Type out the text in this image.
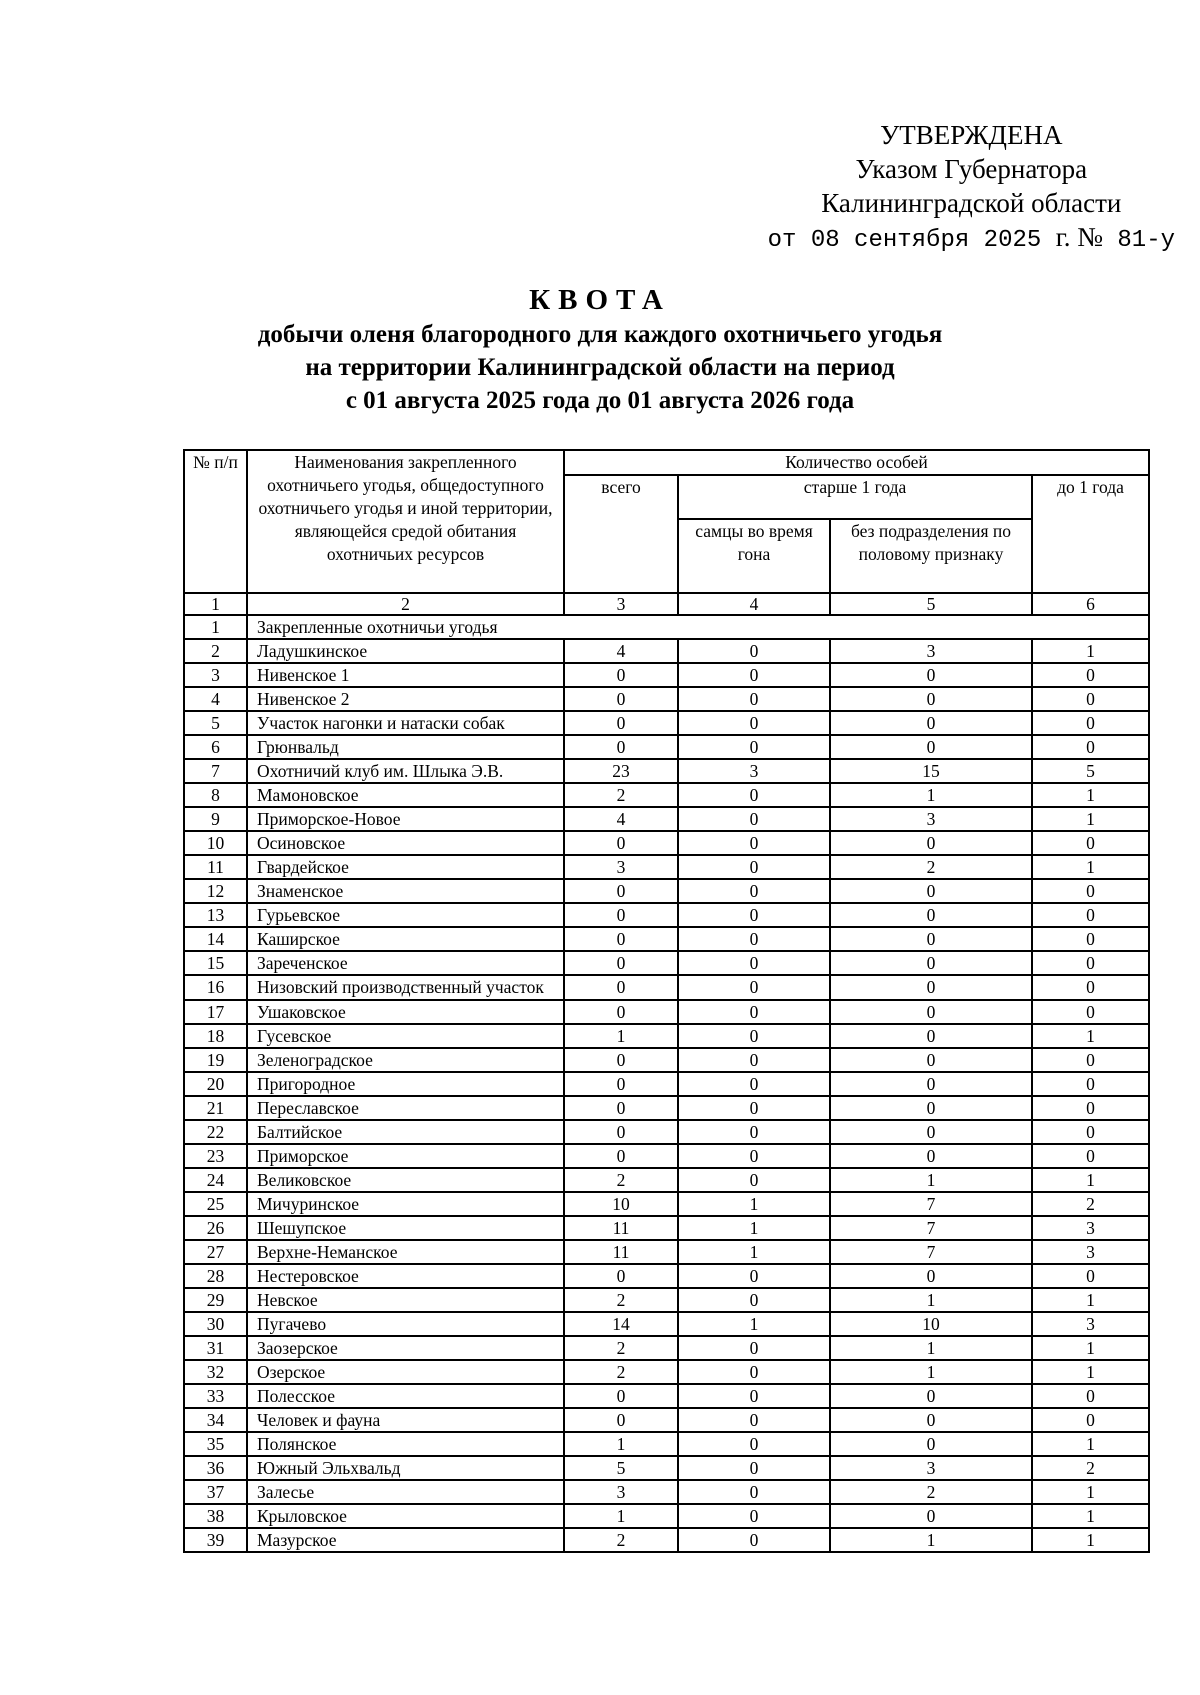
УТВЕРЖДЕНА
Указом Губернатора
Калининградской области
от 08 сентября 2025 г. № 81-у
КВОТА
добычи оленя благородного для каждого охотничьего угодья
на территории Калининградской области на период
с 01 августа 2025 года до 01 августа 2026 года
№ п/п	Наименования закрепленного охотничьего угодья, общедоступного охотничьего угодья и иной территории, являющейся средой обитания охотничьих ресурсов	Количество особей			
		всего	старше 1 года		до 1 года
			самцы во время гона	без подразделения по половому признаку	
1	2	3	4	5	6
1	Закрепленные охотничьи угодья				
2	Ладушкинское	4	0	3	1
3	Нивенское 1	0	0	0	0
4	Нивенское 2	0	0	0	0
5	Участок нагонки и натаски собак	0	0	0	0
6	Грюнвальд	0	0	0	0
7	Охотничий клуб им. Шлыка Э.В.	23	3	15	5
8	Мамоновское	2	0	1	1
9	Приморское-Новое	4	0	3	1
10	Осиновское	0	0	0	0
11	Гвардейское	3	0	2	1
12	Знаменское	0	0	0	0
13	Гурьевское	0	0	0	0
14	Каширское	0	0	0	0
15	Зареченское	0	0	0	0
16	Низовский производственный участок	0	0	0	0
17	Ушаковское	0	0	0	0
18	Гусевское	1	0	0	1
19	Зеленоградское	0	0	0	0
20	Пригородное	0	0	0	0
21	Переславское	0	0	0	0
22	Балтийское	0	0	0	0
23	Приморское	0	0	0	0
24	Великовское	2	0	1	1
25	Мичуринское	10	1	7	2
26	Шешупское	11	1	7	3
27	Верхне-Неманское	11	1	7	3
28	Нестеровское	0	0	0	0
29	Невское	2	0	1	1
30	Пугачево	14	1	10	3
31	Заозерское	2	0	1	1
32	Озерское	2	0	1	1
33	Полесское	0	0	0	0
34	Человек и фауна	0	0	0	0
35	Полянское	1	0	0	1
36	Южный Эльхвальд	5	0	3	2
37	Залесье	3	0	2	1
38	Крыловское	1	0	0	1
39	Мазурское	2	0	1	1
